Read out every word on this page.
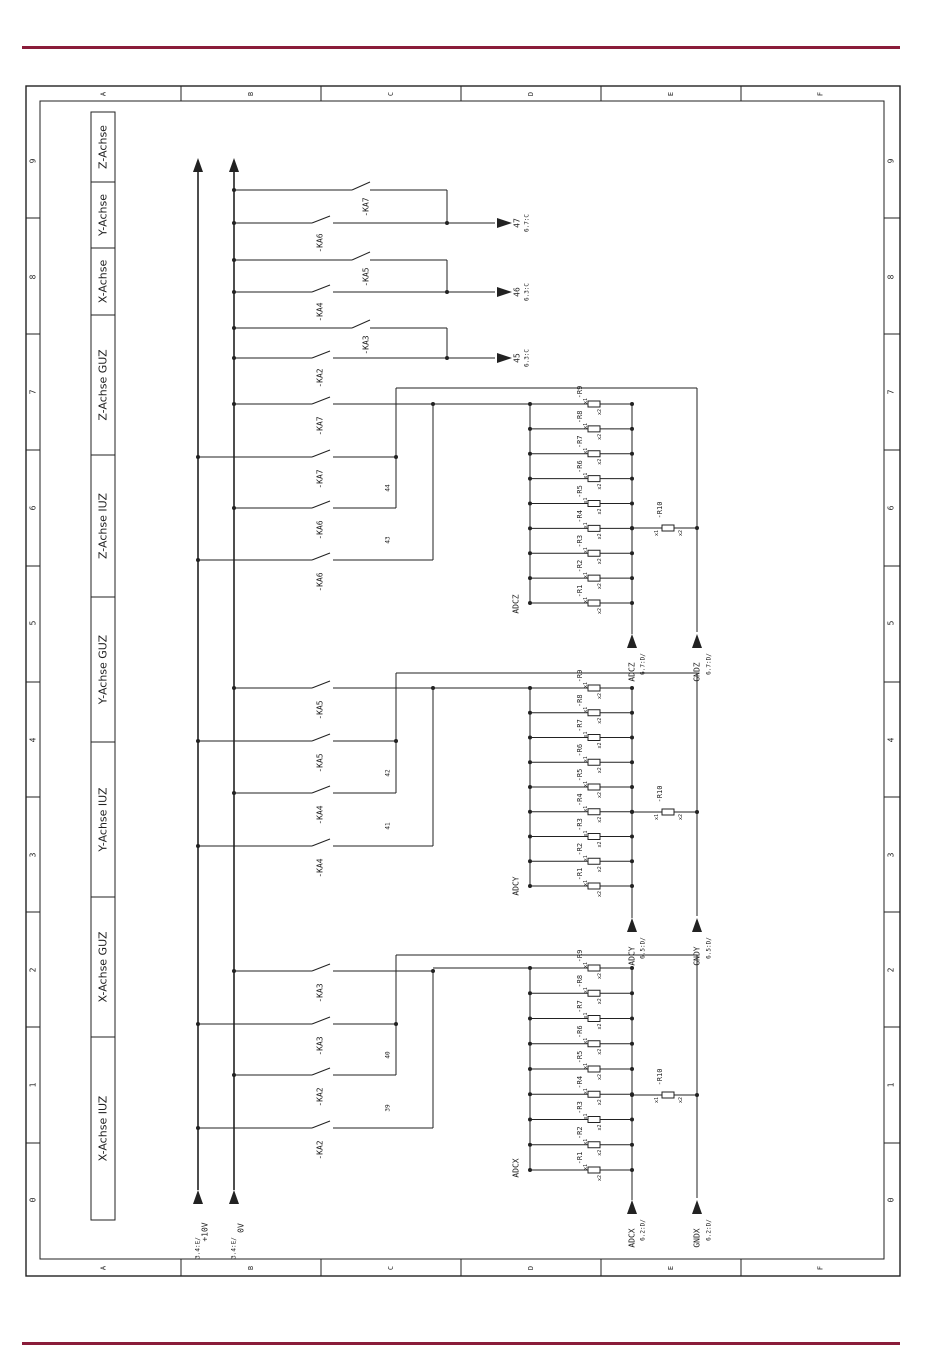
A
A
B
B
C
C
D
D
E
E
F
F
0	0
1	1
2	2
3	3
4	4
5	5
6	6
7	7
8	8
9	9
X-Achse IUZ
X-Achse GUZ
Y-Achse IUZ
Y-Achse GUZ
Z-Achse IUZ
Z-Achse GUZ
X-Achse
Y-Achse
Z-Achse
+10V
3.4:E/
0V
3.4:E/
-KA2
-KA3
45 6.3:C
-KA4
-KA5
46 6.3:C
-KA6
-KA7
47 6.7:C
-KA2
-KA2
-KA3
-KA3
39
40
-R1
x1
x2
-R2
x1
x2
-R3
x1
x2
-R4
x1
x2
-R5
x1
x2
-R6
x1
x2
-R7
x1
x2
-R8
x1
x2
-R9
x1
x2
-R10
x1	x2
ADCX
ADCX 6.2:D/	GNDX 6.2:D/
-KA4
-KA4
-KA5
-KA5
41
42
-R1
x1
x2
-R2
x1
x2
-R3
x1
x2
-R4
x1
x2
-R5
x1
x2
-R6
x1
x2
-R7
x1
x2
-R8
x1
x2
-R9
x1
x2
-R10
x1	x2
ADCY
ADCY 6.5:D/	GNDY 6.5:D/
-KA6
-KA6
-KA7
-KA7
43
44
-R1
x1
x2
-R2
x1
x2
-R3
x1
x2
-R4
x1
x2
-R5
x1
x2
-R6
x1
x2
-R7
x1
x2
-R8
x1
x2
-R9
x1
x2
-R10
x1	x2
ADCZ
ADCZ 6.7:D/	GNDZ 6.7:D/
